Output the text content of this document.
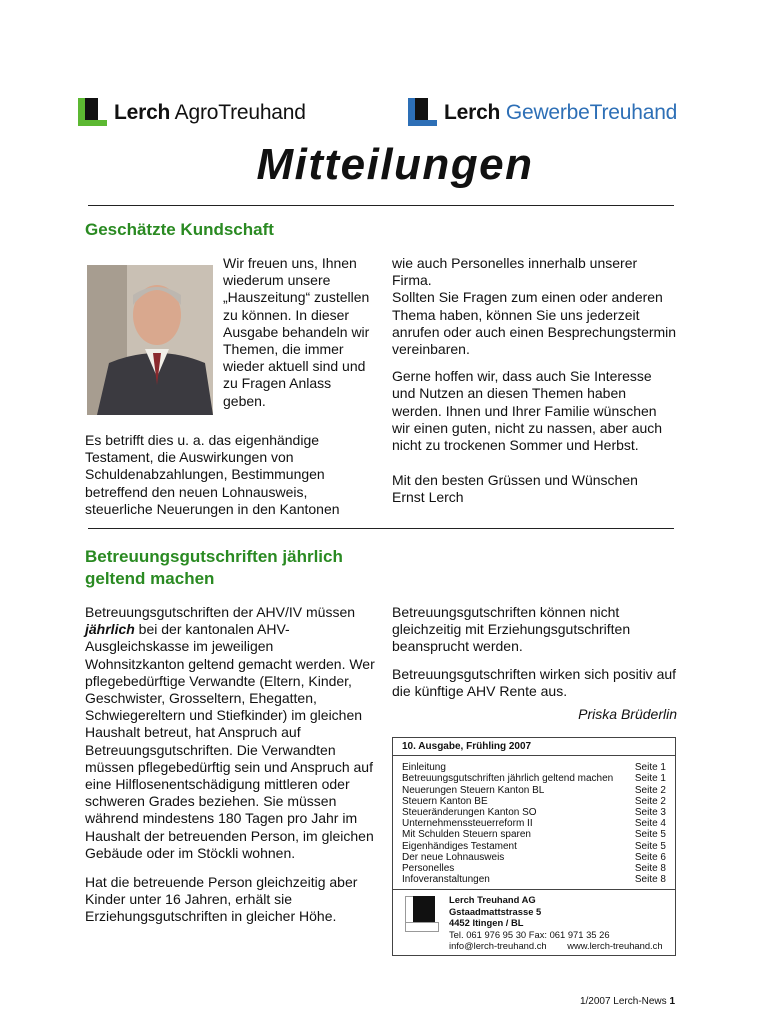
Lerch AgroTreuhand	Lerch GewerbeTreuhand
Mitteilungen
Geschätzte Kundschaft
Wir freuen uns, Ihnen wiederum unsere „Hauszeitung“ zustellen zu können. In dieser Ausgabe behandeln wir Themen, die immer wieder aktuell sind und zu Fragen Anlass geben.
Es betrifft dies u. a. das eigenhändige Testament, die Auswirkungen von Schuldenabzahlungen, Bestimmungen betreffend den neuen Lohnausweis, steuerliche Neuerungen in den Kantonen

wie auch Personelles innerhalb unserer Firma.

Sollten Sie Fragen zum einen oder anderen Thema haben, können Sie uns jederzeit anrufen oder auch einen Besprechungstermin vereinbaren.

Gerne hoffen wir, dass auch Sie Interesse und Nutzen an diesen Themen haben werden. Ihnen und Ihrer Familie wünschen wir einen guten, nicht zu nassen, aber auch nicht zu trockenen Sommer und Herbst.

Mit den besten Grüssen und Wünschen

Ernst Lerch

Betreuungsgutschriften jährlich
geltend machen

Betreuungsgutschriften der AHV/IV müssen jährlich bei der kantonalen AHV-Ausgleichskasse im jeweiligen Wohnsitzkanton geltend gemacht werden. Wer pflegebedürftige Verwandte (Eltern, Kinder, Geschwister, Grosseltern, Ehegatten, Schwiegereltern und Stiefkinder) im gleichen Haushalt betreut, hat Anspruch auf Betreuungsgutschriften. Die Verwandten müssen pflegebedürftig sein und Anspruch auf eine Hilflosenentschädigung mittleren oder schweren Grades beziehen. Sie müssen während mindestens 180 Tagen pro Jahr im Haushalt der betreuenden Person, im gleichen Gebäude oder im Stöckli wohnen.

Hat die betreuende Person gleichzeitig aber Kinder unter 16 Jahren, erhält sie Erziehungsgutschriften in gleicher Höhe.

Betreuungsgutschriften können nicht gleichzeitig mit Erziehungsgutschriften beansprucht werden.

Betreuungsgutschriften wirken sich positiv auf die künftige AHV Rente aus.

Priska Brüderlin
10. Ausgabe, Frühling 2007
Einleitung	Seite 1
Betreuungsgutschriften jährlich geltend machen Seite 1
Neuerungen Steuern Kanton BL	Seite 2
Steuern Kanton BE	Seite 2
Steueränderungen Kanton SO	Seite 3
Unternehmenssteuerreform II	Seite 4
Mit Schulden Steuern sparen	Seite 5
Eigenhändiges Testament	Seite 5
Der neue Lohnausweis	Seite 6
Personelles	Seite 8
Infoveranstaltungen	Seite 8
Lerch Treuhand AG
Gstaadmattstrasse 5
4452 Itingen / BL
Tel. 061 976 95 30 Fax: 061 971 35 26
info@lerch-treuhand.ch www.lerch-treuhand.ch
1/2007 Lerch-News 1
